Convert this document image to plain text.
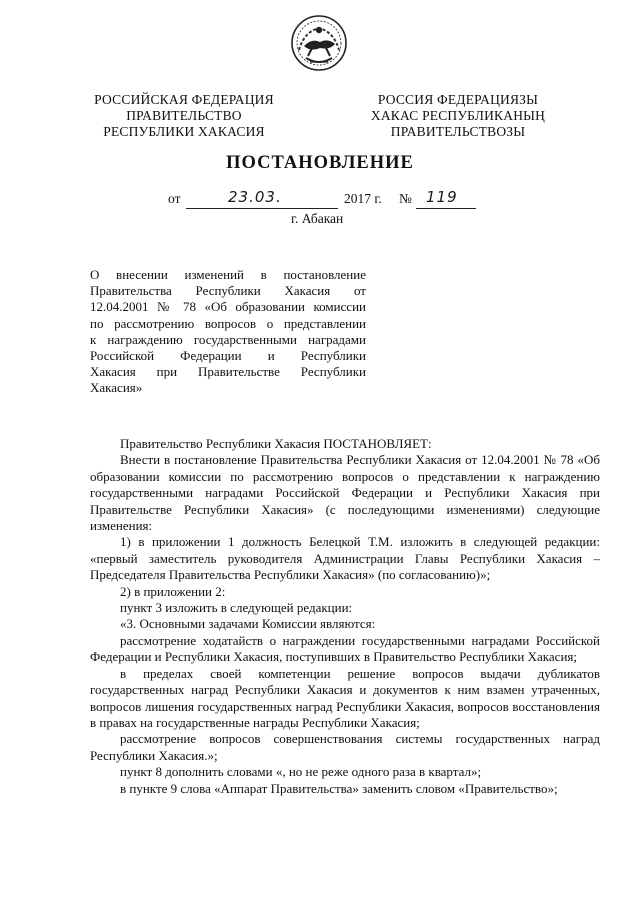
РОССИЙСКАЯ ФЕДЕРАЦИЯ
ПРАВИТЕЛЬСТВО
РЕСПУБЛИКИ ХАКАСИЯ
РОССИЯ ФЕДЕРАЦИЯЗЫ
ХАКАС РЕСПУБЛИКАНЫҢ
ПРАВИТЕЛЬСТВОЗЫ
ПОСТАНОВЛЕНИЕ
от	23.03.	2017 г. № 119
г. Абакан
О внесении изменений в постановление
Правительства Республики Хакасия от
12.04.2001 № 78 «Об образовании комиссии
по рассмотрению вопросов о представлении
к награждению государственными наградами
Российской Федерации и Республики
Хакасия при Правительстве Республики
Хакасия»

Правительство Республики Хакасия ПОСТАНОВЛЯЕТ:

Внести в постановление Правительства Республики Хакасия от 12.04.2001 № 78 «Об образовании комиссии по рассмотрению вопросов о представлении к награждению государственными наградами Российской Федерации и Республики Хакасия при Правительстве Республики Хакасия» (с последующими изменениями) следующие изменения:

1) в приложении 1 должность Белецкой Т.М. изложить в следующей редакции: «первый заместитель руководителя Администрации Главы Республики Хакасия – Председателя Правительства Республики Хакасия» (по согласованию)»;

2) в приложении 2:

пункт 3 изложить в следующей редакции:

«3. Основными задачами Комиссии являются:

рассмотрение ходатайств о награждении государственными наградами Российской Федерации и Республики Хакасия, поступивших в Правительство Республики Хакасия;

в пределах своей компетенции решение вопросов выдачи дубликатов государственных наград Республики Хакасия и документов к ним взамен утраченных, вопросов лишения государственных наград Республики Хакасия, вопросов восстановления в правах на государственные награды Республики Хакасия;

рассмотрение вопросов совершенствования системы государственных наград Республики Хакасия.»;

пункт 8 дополнить словами «, но не реже одного раза в квартал»;

в пункте 9 слова «Аппарат Правительства» заменить словом «Правительство»;
